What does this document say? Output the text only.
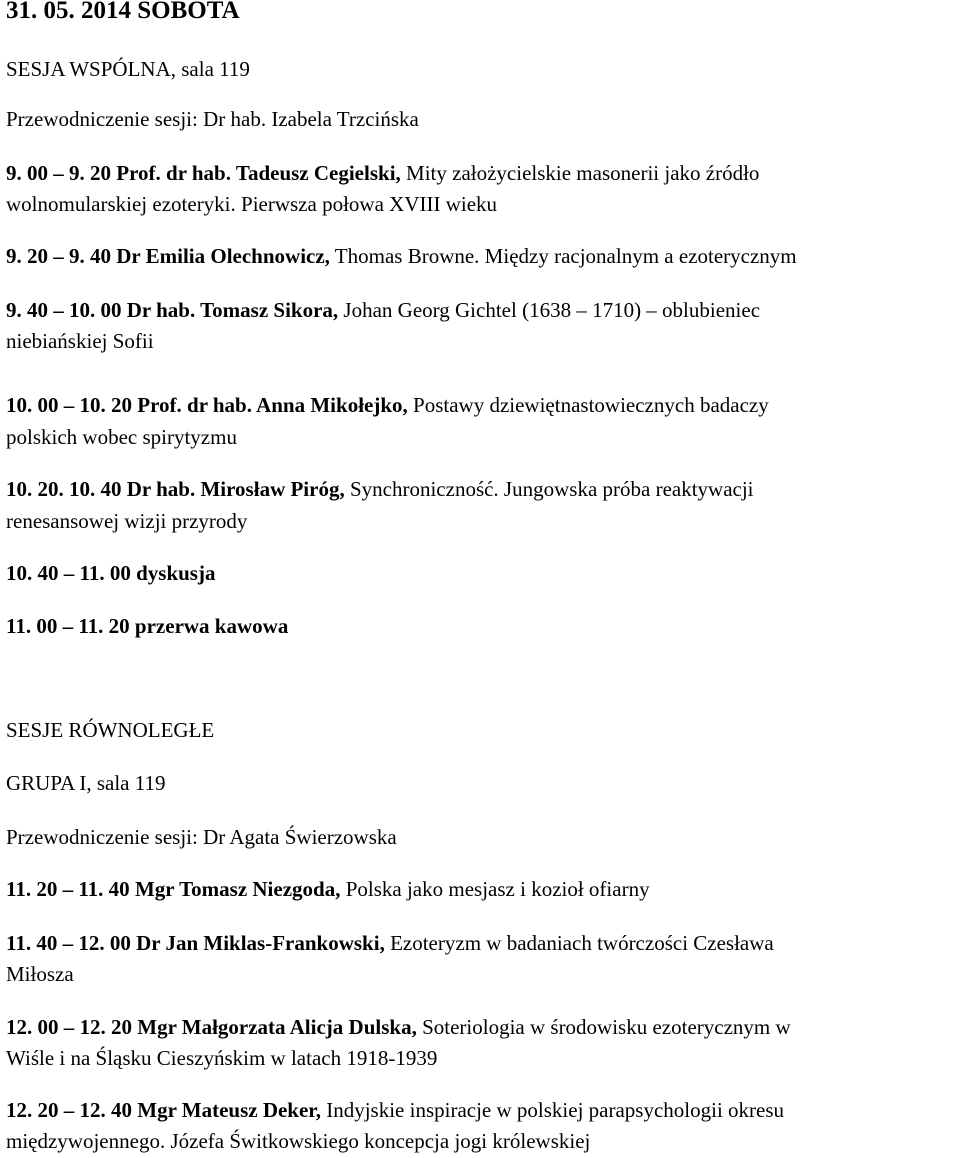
31. 05. 2014 SOBOTA
SESJA WSPÓLNA, sala 119
Przewodniczenie sesji: Dr hab. Izabela Trzcińska
9. 00 – 9. 20 Prof. dr hab. Tadeusz Cegielski, Mity założycielskie masonerii jako źródło
wolnomularskiej ezoteryki. Pierwsza połowa XVIII wieku
9. 20 – 9. 40 Dr Emilia Olechnowicz, Thomas Browne. Między racjonalnym a ezoterycznym
9. 40 – 10. 00 Dr hab. Tomasz Sikora, Johan Georg Gichtel (1638 – 1710) – oblubieniec
niebiańskiej Sofii
10. 00 – 10. 20 Prof. dr hab. Anna Mikołejko, Postawy dziewiętnastowiecznych badaczy
polskich wobec spirytyzmu
10. 20. 10. 40 Dr hab. Mirosław Piróg, Synchroniczność. Jungowska próba reaktywacji
renesansowej wizji przyrody
10. 40 – 11. 00 dyskusja
11. 00 – 11. 20 przerwa kawowa
SESJE RÓWNOLEGŁE
GRUPA I, sala 119
Przewodniczenie sesji: Dr Agata Świerzowska
11. 20 – 11. 40 Mgr Tomasz Niezgoda, Polska jako mesjasz i kozioł ofiarny
11. 40 – 12. 00 Dr Jan Miklas-Frankowski, Ezoteryzm w badaniach twórczości Czesława
Miłosza
12. 00 – 12. 20 Mgr Małgorzata Alicja Dulska, Soteriologia w środowisku ezoterycznym w
Wiśle i na Śląsku Cieszyńskim w latach 1918-1939
12. 20 – 12. 40 Mgr Mateusz Deker, Indyjskie inspiracje w polskiej parapsychologii okresu
międzywojennego. Józefa Świtkowskiego koncepcja jogi królewskiej
